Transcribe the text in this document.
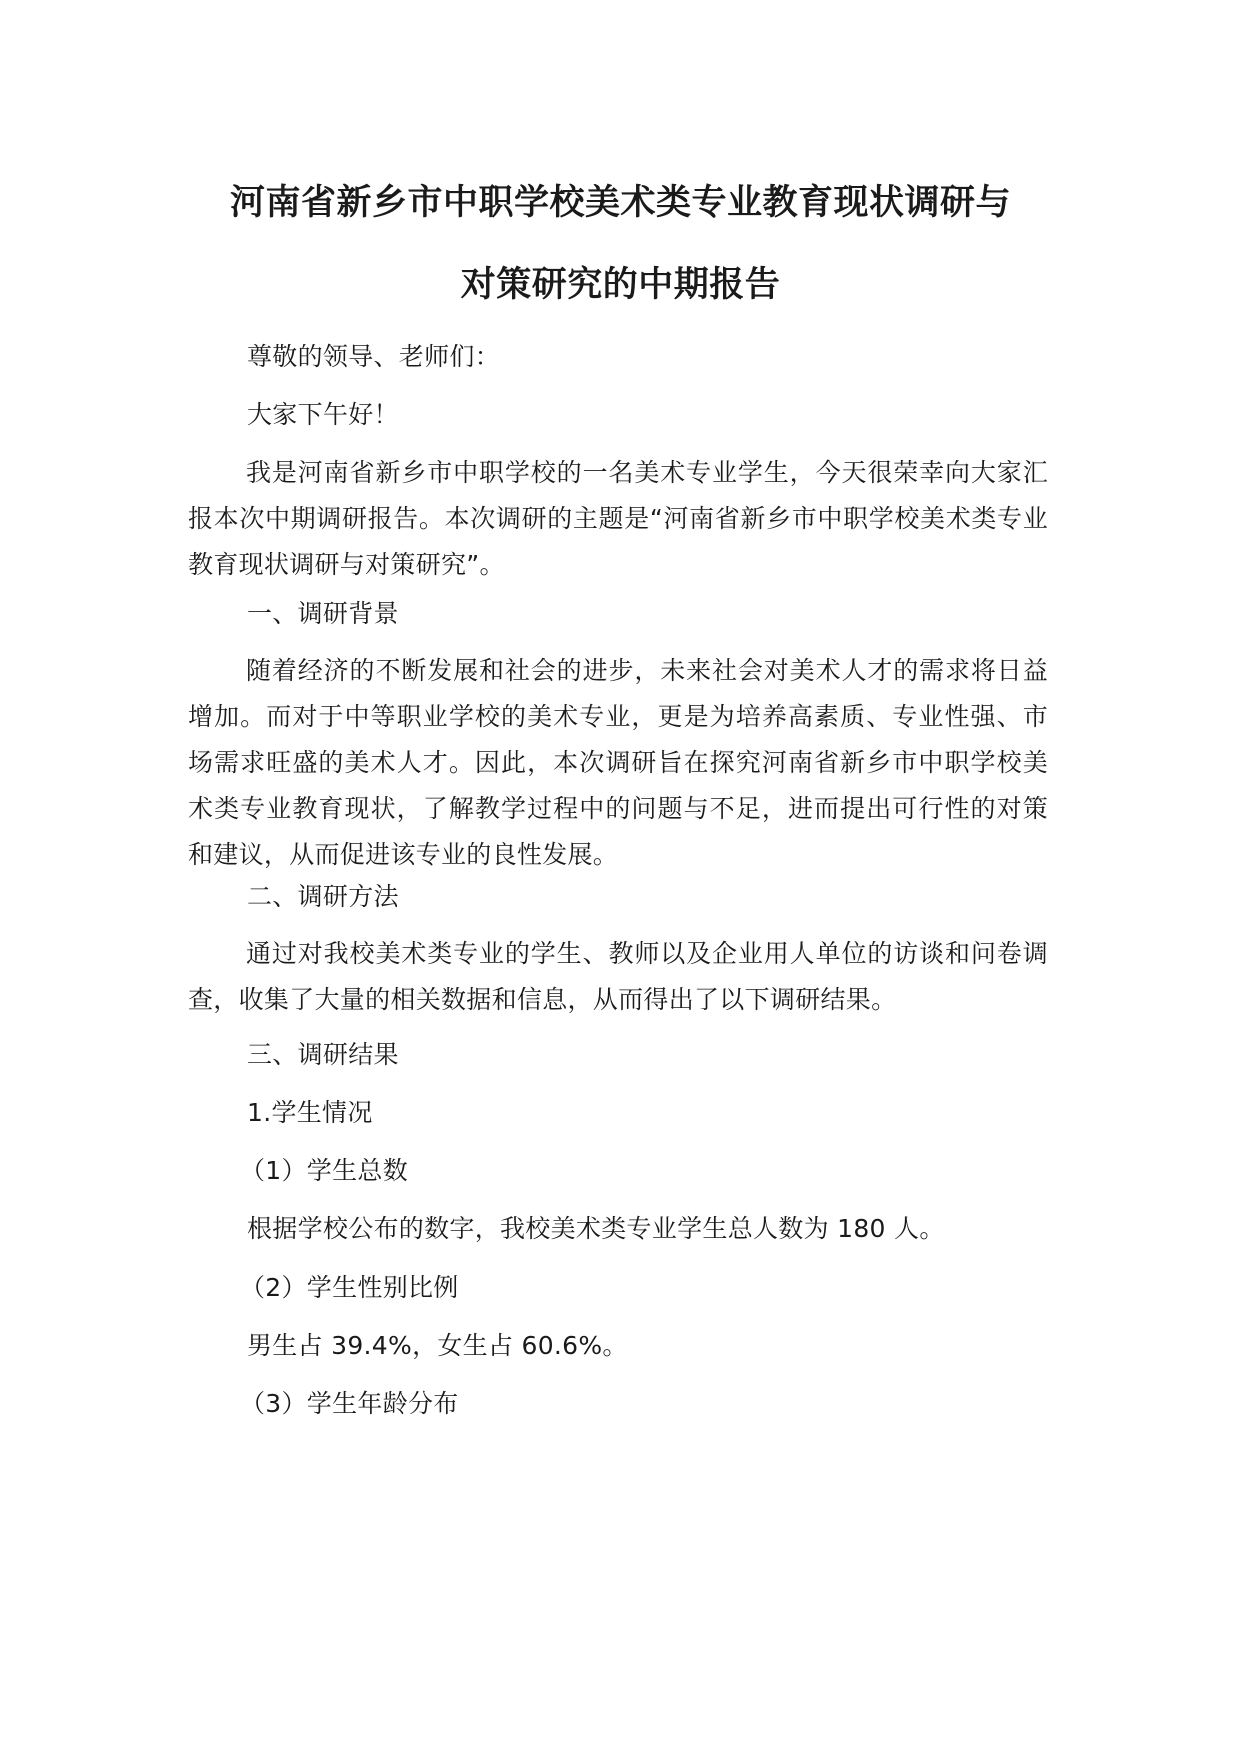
河南省新乡市中职学校美术类专业教育现状调研与
对策研究的中期报告

尊敬的领导、老师们：

大家下午好！

我是河南省新乡市中职学校的一名美术专业学生，今天很荣幸向大家汇报本次中期调研报告。本次调研的主题是“河南省新乡市中职学校美术类专业教育现状调研与对策研究”。

一、调研背景

随着经济的不断发展和社会的进步，未来社会对美术人才的需求将日益增加。而对于中等职业学校的美术专业，更是为培养高素质、专业性强、市场需求旺盛的美术人才。因此，本次调研旨在探究河南省新乡市中职学校美术类专业教育现状，了解教学过程中的问题与不足，进而提出可行性的对策和建议，从而促进该专业的良性发展。

二、调研方法

通过对我校美术类专业的学生、教师以及企业用人单位的访谈和问卷调查，收集了大量的相关数据和信息，从而得出了以下调研结果。

三、调研结果

1.学生情况

（1）学生总数

根据学校公布的数字，我校美术类专业学生总人数为 180 人。

（2）学生性别比例

男生占 39.4%，女生占 60.6%。

（3）学生年龄分布
